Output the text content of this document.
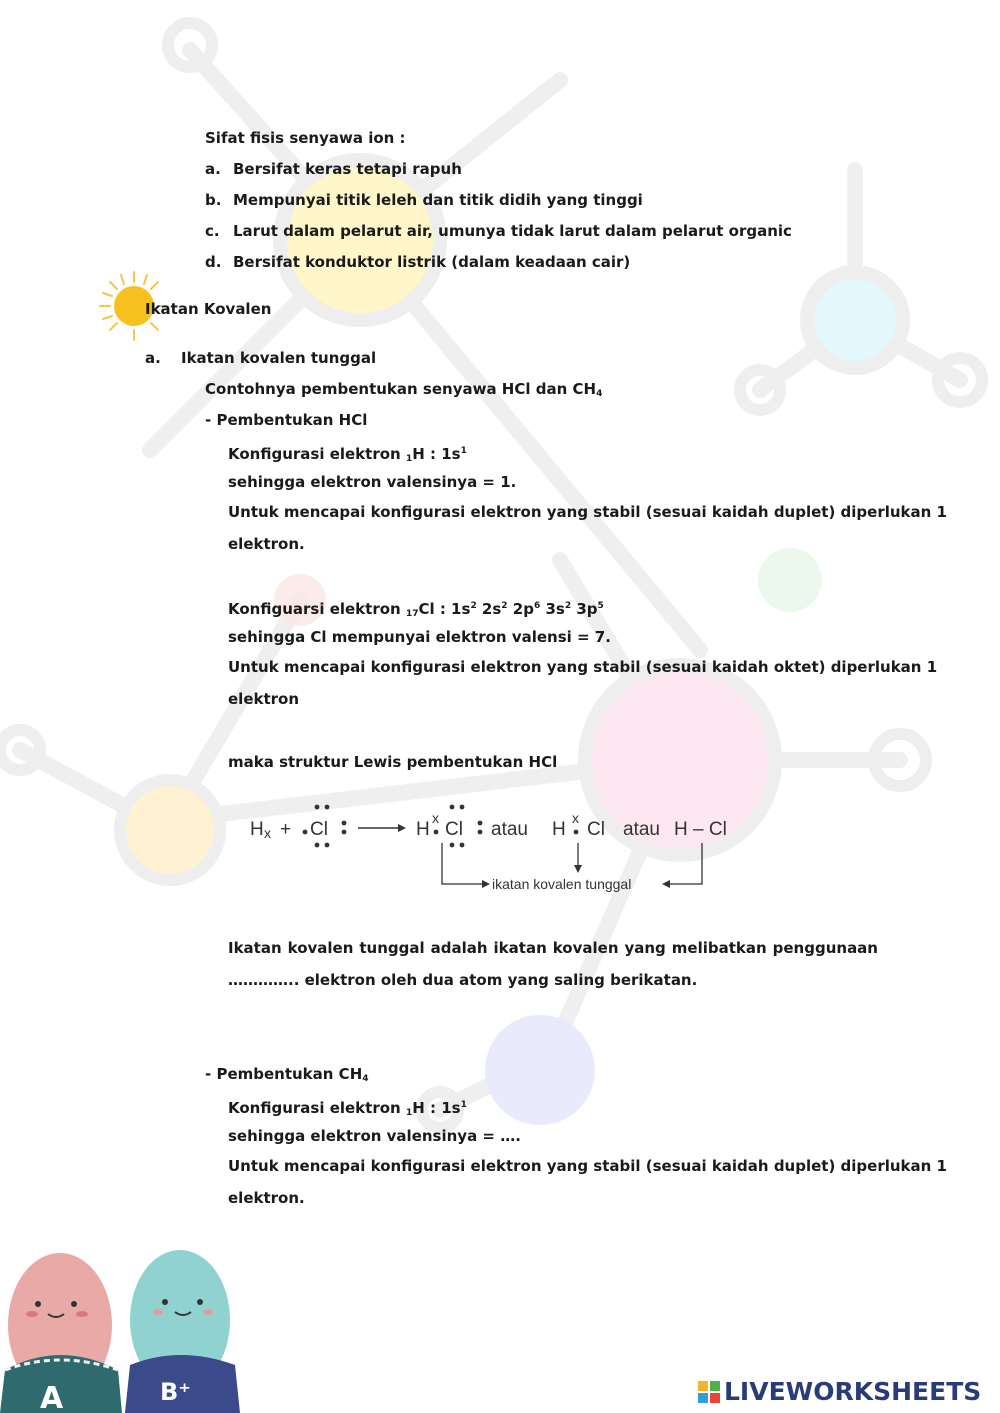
Sifat fisis senyawa ion :
a. Bersifat keras tetapi rapuh
b. Mempunyai titik leleh dan titik didih yang tinggi
c. Larut dalam pelarut air, umunya tidak larut dalam pelarut organic
d. Bersifat konduktor listrik (dalam keadaan cair)
Ikatan Kovalen
a. Ikatan kovalen tunggal
Contohnya pembentukan senyawa HCl dan $CH_4$
- Pembentukan HCl
Konfigurasi elektron $_1$H : $1s^1$
sehingga elektron valensinya = 1.
Untuk mencapai konfigurasi elektron yang stabil (sesuai kaidah duplet) diperlukan 1
elektron.
Konfiguarsi elektron $_{17}$Cl : $1s^2$ $2s^2$ $2p^6$ $3s^2$ $3p^5$
sehingga Cl mempunyai elektron valensi = 7.
Untuk mencapai konfigurasi elektron yang stabil (sesuai kaidah oktet) diperlukan 1
elektron
maka struktur Lewis pembentukan HCl
H x + Cl	H
x
Cl atau H
x
Cl atau H – Cl
ikatan kovalen tunggal
Ikatan kovalen tunggal adalah ikatan kovalen yang melibatkan penggunaan
………….. elektron oleh dua atom yang saling berikatan.
- Pembentukan $CH_4$
Konfigurasi elektron $_1$H : $1s^1$
sehingga elektron valensinya = ….
Untuk mencapai konfigurasi elektron yang stabil (sesuai kaidah duplet) diperlukan 1
elektron.
A	B⁺	LIVEWORKSHEETS
